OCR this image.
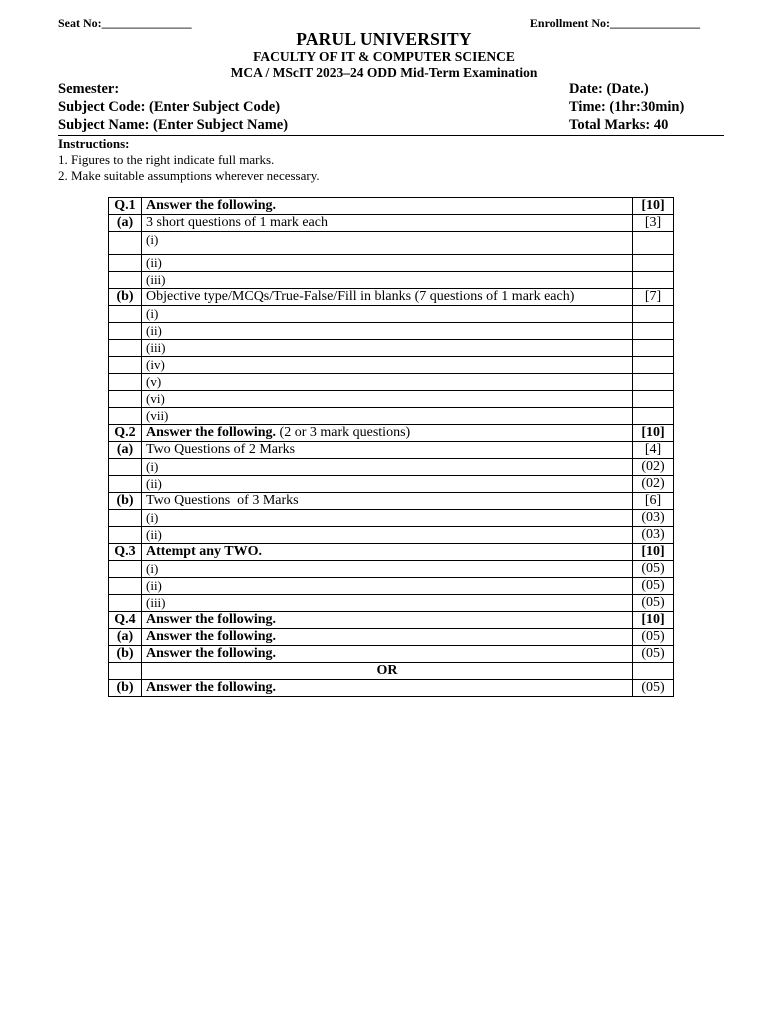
Seat No:_______________	Enrollment No:_______________
PARUL UNIVERSITY
FACULTY OF IT & COMPUTER SCIENCE
MCA / MScIT 2023–24 ODD Mid-Term Examination
Semester:
Subject Code: (Enter Subject Code)
Subject Name: (Enter Subject Name)
Date: (Date.)
Time: (1hr:30min)
Total Marks: 40
Instructions:
1. Figures to the right indicate full marks.
2. Make suitable assumptions wherever necessary.
Q.1	Answer the following.	[10]
(a)	3 short questions of 1 mark each	[3]
	(i)	
	(ii)	
	(iii)	
(b)	Objective type/MCQs/True-False/Fill in blanks (7 questions of 1 mark each)	[7]
	(i)	
	(ii)	
	(iii)	
	(iv)	
	(v)	
	(vi)	
	(vii)	
Q.2	Answer the following. (2 or 3 mark questions)	[10]
(a)	Two Questions of 2 Marks	[4]
	(i)	(02)
	(ii)	(02)
(b)	Two Questions  of 3 Marks	[6]
	(i)	(03)
	(ii)	(03)
Q.3	Attempt any TWO.	[10]
	(i)	(05)
	(ii)	(05)
	(iii)	(05)
Q.4	Answer the following.	[10]
(a)	Answer the following.	(05)
(b)	Answer the following.	(05)
	OR	
(b)	Answer the following.	(05)
